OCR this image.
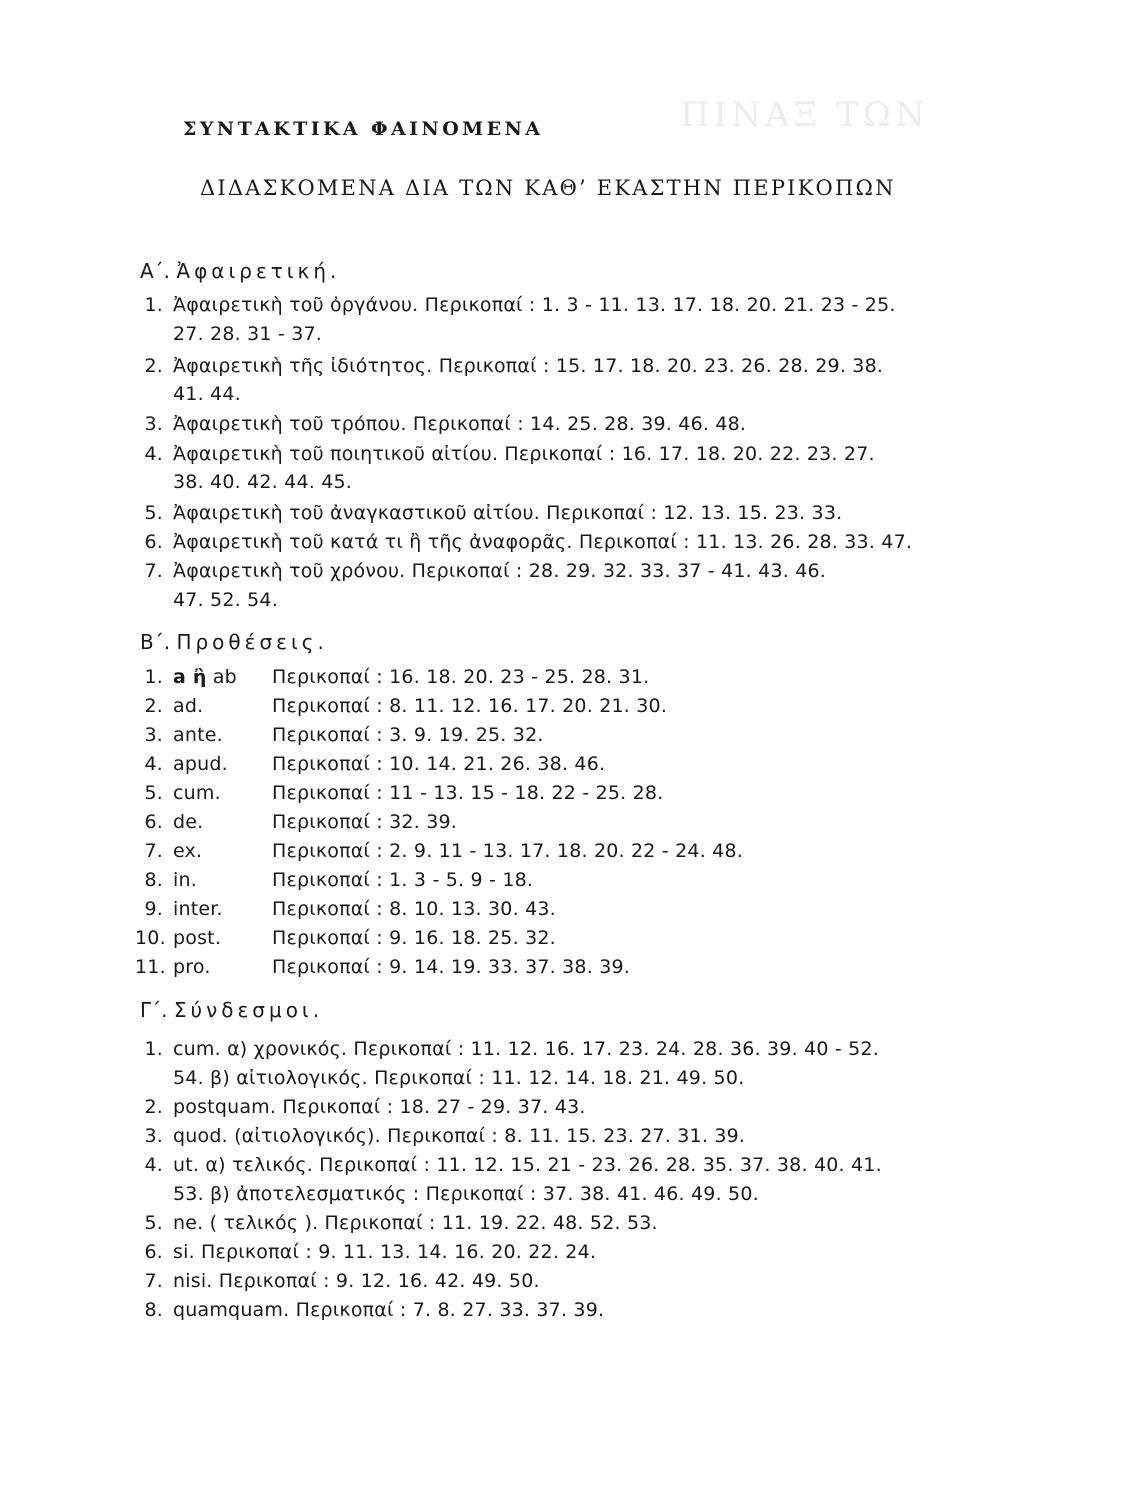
ΠΙΝΑΞ ΤΩΝ
ΣΥΝΤΑΚΤΙΚΑ ΦΑΙΝΟΜΕΝΑ
ΔΙΔΑΣΚΟΜΕΝΑ ΔΙΑ ΤΩΝ ΚΑΘ’ ΕΚΑΣΤΗΝ ΠΕΡΙΚΟΠΩΝ
Α΄. Ἀφαιρετική.
1. Ἀφαιρετικὴ τοῦ ὀργάνου. Περικοπαί : 1. 3 - 11. 13. 17. 18. 20. 21. 23 - 25.
27. 28. 31 - 37.
2. Ἀφαιρετικὴ τῆς ἰδιότητος. Περικοπαί : 15. 17. 18. 20. 23. 26. 28. 29. 38.
41. 44.
3. Ἀφαιρετικὴ τοῦ τρόπου. Περικοπαί : 14. 25. 28. 39. 46. 48.
4. Ἀφαιρετικὴ τοῦ ποιητικοῦ αἰτίου. Περικοπαί : 16. 17. 18. 20. 22. 23. 27.
38. 40. 42. 44. 45.
5. Ἀφαιρετικὴ τοῦ ἀναγκαστικοῦ αἰτίου. Περικοπαί : 12. 13. 15. 23. 33.
6. Ἀφαιρετικὴ τοῦ κατά τι ἢ τῆς ἀναφορᾶς. Περικοπαί : 11. 13. 26. 28. 33. 47.
7. Ἀφαιρετικὴ τοῦ χρόνου. Περικοπαί : 28. 29. 32. 33. 37 - 41. 43. 46.
47. 52. 54.
Β΄. Προθέσεις.
1. a ἢ ab Περικοπαί : 16. 18. 20. 23 - 25. 28. 31.
2. ad.	Περικοπαί : 8. 11. 12. 16. 17. 20. 21. 30.
3. ante.	Περικοπαί : 3. 9. 19. 25. 32.
4. apud. Περικοπαί : 10. 14. 21. 26. 38. 46.
5. cum.	Περικοπαί : 11 - 13. 15 - 18. 22 - 25. 28.
6. de.	Περικοπαί : 32. 39.
7. ex.	Περικοπαί : 2. 9. 11 - 13. 17. 18. 20. 22 - 24. 48.
8. in.	Περικοπαί : 1. 3 - 5. 9 - 18.
9. inter.	Περικοπαί : 8. 10. 13. 30. 43.
10. post.	Περικοπαί : 9. 16. 18. 25. 32.
11. pro.	Περικοπαί : 9. 14. 19. 33. 37. 38. 39.
Γ΄. Σύνδεσμοι.
1. cum. α) χρονικός. Περικοπαί : 11. 12. 16. 17. 23. 24. 28. 36. 39. 40 - 52.
54. β) αἰτιολογικός. Περικοπαί : 11. 12. 14. 18. 21. 49. 50.
2. postquam. Περικοπαί : 18. 27 - 29. 37. 43.
3. quod. (αἰτιολογικός). Περικοπαί : 8. 11. 15. 23. 27. 31. 39.
4. ut. α) τελικός. Περικοπαί : 11. 12. 15. 21 - 23. 26. 28. 35. 37. 38. 40. 41.
53. β) ἀποτελεσματικός : Περικοπαί : 37. 38. 41. 46. 49. 50.
5. ne. ( τελικός ). Περικοπαί : 11. 19. 22. 48. 52. 53.
6. si. Περικοπαί : 9. 11. 13. 14. 16. 20. 22. 24.
7. nisi. Περικοπαί : 9. 12. 16. 42. 49. 50.
8. quamquam. Περικοπαί : 7. 8. 27. 33. 37. 39.
